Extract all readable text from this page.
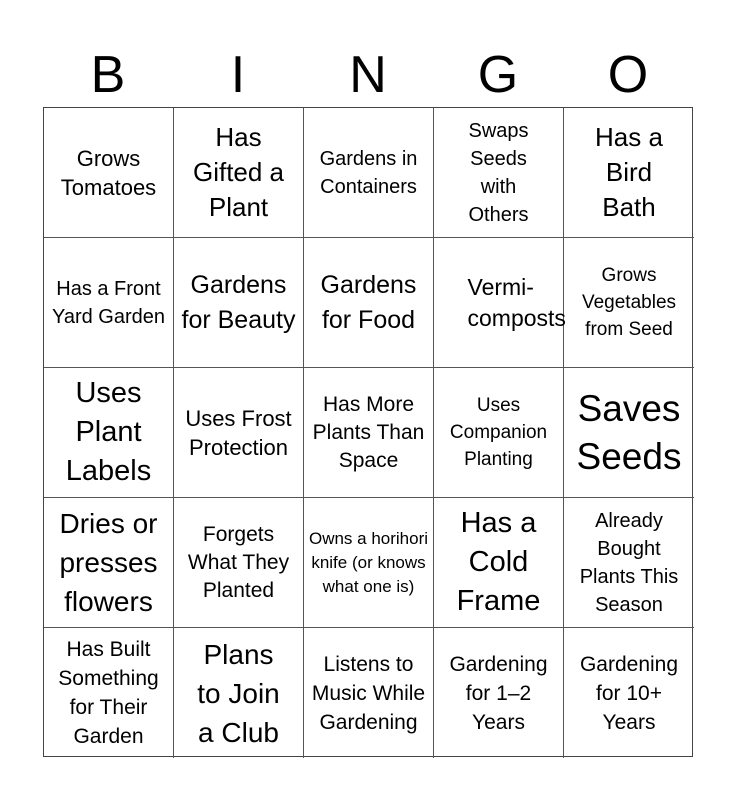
B	I	N	G	O
Grows Tomatoes
Has Gifted a Plant
Gardens in Containers
Swaps Seeds with Others
Has a Bird Bath
Has a Front Yard Garden
Gardens for Beauty
Gardens for Food
Vermi-composts
Grows Vegetables from Seed
Uses Plant Labels
Uses Frost Protection
Has More Plants Than Space
Uses Companion Planting
Saves Seeds
Dries or presses flowers
Forgets What They Planted
Owns a horihori knife (or knows what one is)
Has a Cold Frame
Already Bought Plants This Season
Has Built Something for Their Garden
Plans to Join a Club
Listens to Music While Gardening
Gardening for 1–2 Years
Gardening for 10+ Years
